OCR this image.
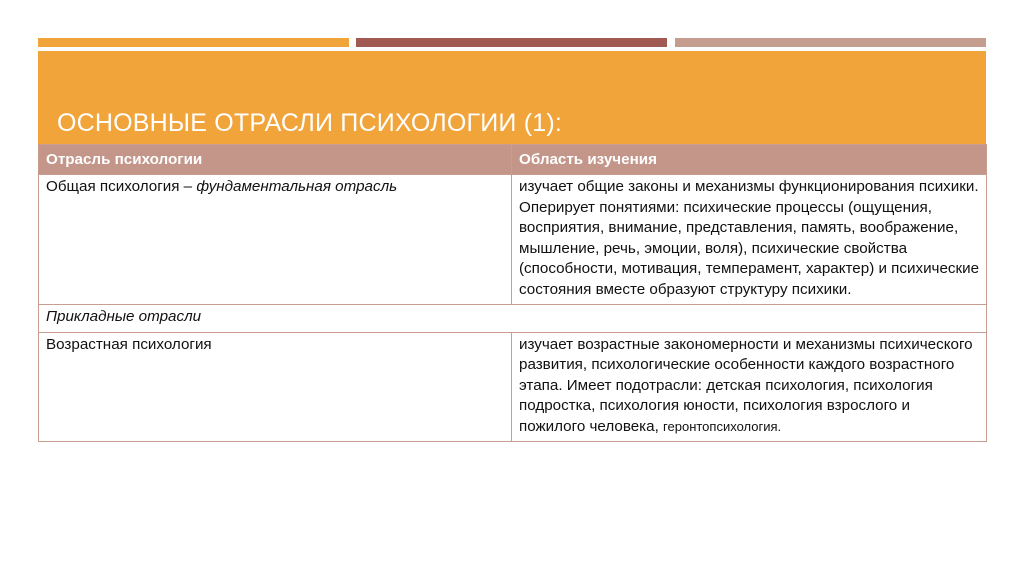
ОСНОВНЫЕ ОТРАСЛИ ПСИХОЛОГИИ (1):
Отрасль психологии	Область изучения
Общая психология – фундаментальная отрасль	изучает общие законы и механизмы функционирования психики. Оперирует понятиями: психические процессы (ощущения, восприятия, внимание, представления, память, воображение, мышление, речь, эмоции, воля), психические свойства (способности, мотивация, темперамент, характер) и психические состояния вместе образуют структуру психики.
Прикладные отрасли	
Возрастная психология	изучает возрастные закономерности и механизмы психического развития, психологические особенности каждого возрастного этапа. Имеет подотрасли: детская психология, психология подростка, психология юности, психология взрослого и пожилого человека, геронтопсихология.
